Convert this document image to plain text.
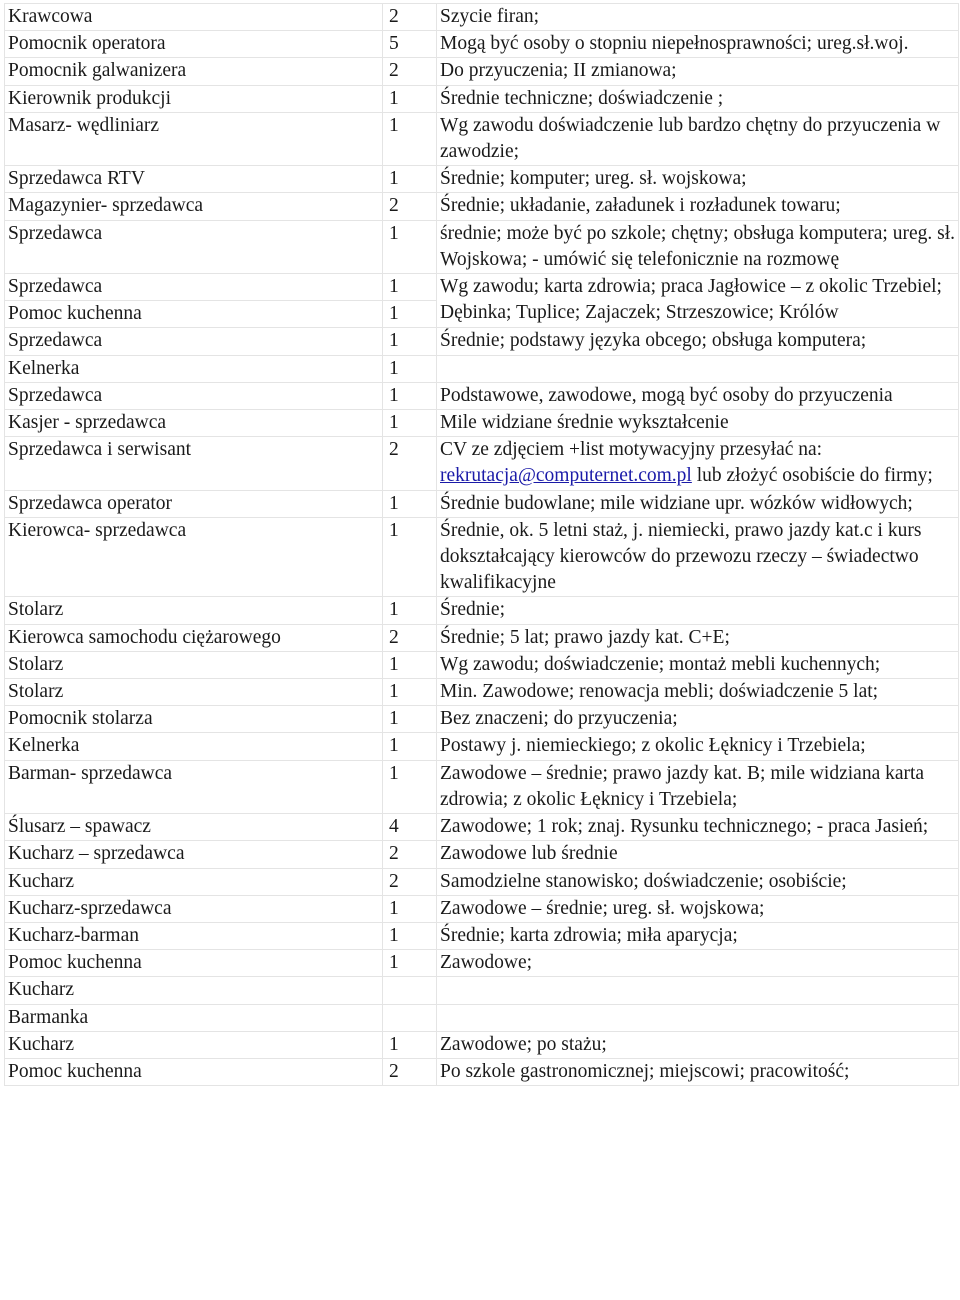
Krawcowa	2	Szycie firan;
Pomocnik operatora	5	Mogą być osoby o stopniu niepełnosprawności; ureg.sł.woj.
Pomocnik galwanizera	2	Do przyuczenia; II zmianowa;
Kierownik produkcji	1	Średnie techniczne; doświadczenie ;
Masarz- wędliniarz	1	Wg zawodu doświadczenie lub bardzo chętny do przyuczenia w zawodzie;
Sprzedawca RTV	1	Średnie; komputer; ureg. sł. wojskowa;
Magazynier- sprzedawca	2	Średnie; układanie, załadunek i rozładunek towaru;
Sprzedawca	1	średnie; może być po szkole; chętny; obsługa komputera; ureg. sł. Wojskowa; - umówić się telefonicznie na rozmowę
Sprzedawca	1	Wg zawodu; karta zdrowia; praca Jagłowice – z okolic Trzebiel; Dębinka; Tuplice; Zajaczek; Strzeszowice; Królów
Pomoc kuchenna	1	
Sprzedawca	1	Średnie; podstawy języka obcego; obsługa komputera;
Kelnerka	1	
Sprzedawca	1	Podstawowe, zawodowe, mogą być osoby do przyuczenia
Kasjer - sprzedawca	1	Mile widziane średnie wykształcenie
Sprzedawca i serwisant	2	CV ze zdjęciem +list motywacyjny przesyłać na:
rekrutacja@computernet.com.pl lub złożyć osobiście do firmy;
Sprzedawca operator	1	Średnie budowlane; mile widziane upr. wózków widłowych;
Kierowca- sprzedawca	1	Średnie, ok. 5 letni staż, j. niemiecki, prawo jazdy kat.c i kurs dokształcający kierowców do przewozu rzeczy – świadectwo kwalifikacyjne
Stolarz	1	Średnie;
Kierowca samochodu ciężarowego	2	Średnie; 5 lat; prawo jazdy kat. C+E;
Stolarz	1	Wg zawodu; doświadczenie; montaż mebli kuchennych;
Stolarz	1	Min. Zawodowe; renowacja mebli; doświadczenie 5 lat;
Pomocnik stolarza	1	Bez znaczeni; do przyuczenia;
Kelnerka	1	Postawy j. niemieckiego; z okolic Łęknicy i Trzebiela;
Barman- sprzedawca	1	Zawodowe – średnie; prawo jazdy kat. B; mile widziana karta zdrowia; z okolic Łęknicy i Trzebiela;
Ślusarz – spawacz	4	Zawodowe; 1 rok; znaj. Rysunku technicznego; - praca Jasień;
Kucharz – sprzedawca	2	Zawodowe lub średnie
Kucharz	2	Samodzielne stanowisko; doświadczenie; osobiście;
Kucharz-sprzedawca	1	Zawodowe – średnie; ureg. sł. wojskowa;
Kucharz-barman	1	Średnie; karta zdrowia; miła aparycja;
Pomoc kuchenna	1	Zawodowe;
Kucharz		
Barmanka		
Kucharz	1	Zawodowe; po stażu;
Pomoc kuchenna	2	Po szkole gastronomicznej; miejscowi; pracowitość;
